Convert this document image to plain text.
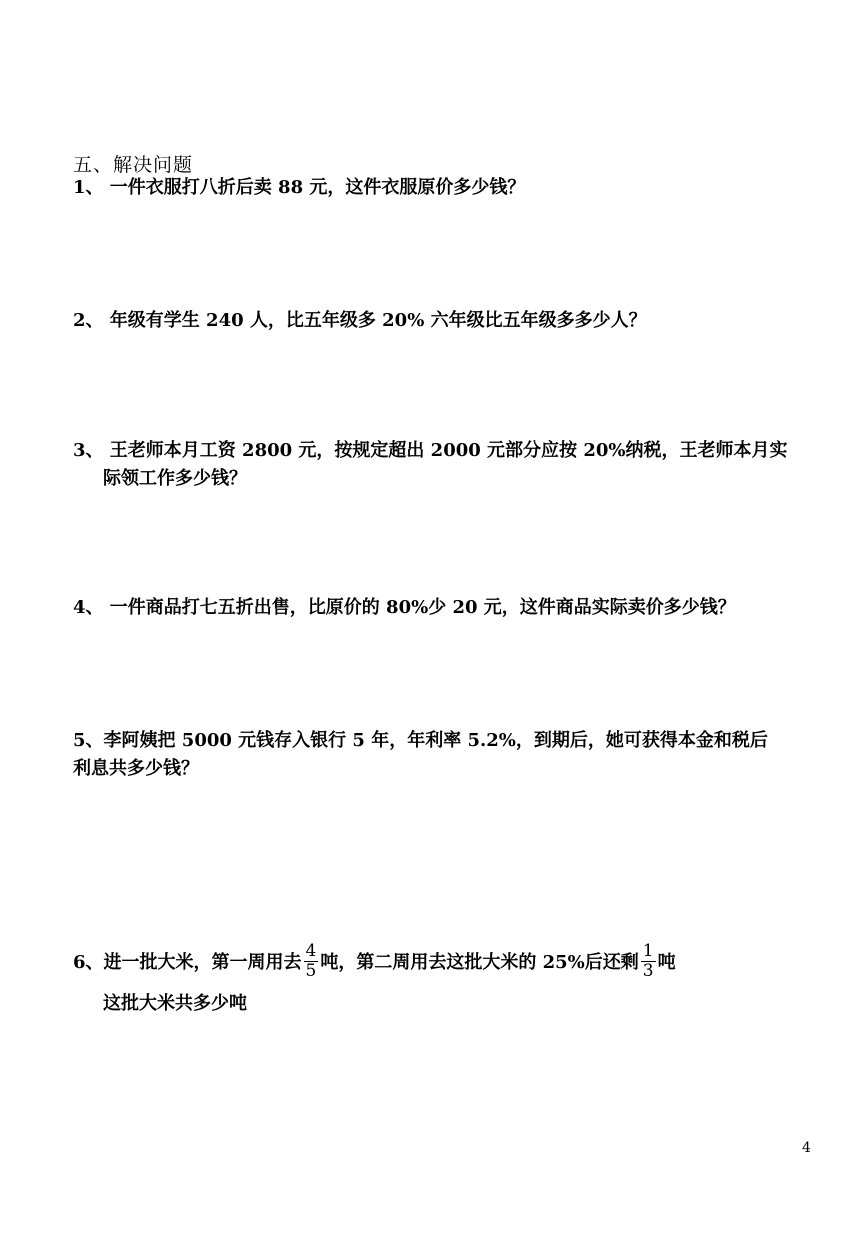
五、解决问题
1、 一件衣服打八折后卖 88 元，这件衣服原价多少钱？
2、 年级有学生 240 人，比五年级多 20% 六年级比五年级多多少人？
3、 王老师本月工资 2800 元，按规定超出 2000 元部分应按 20%纳税，王老师本月实
际领工作多少钱？
4、 一件商品打七五折出售，比原价的 80%少 20 元，这件商品实际卖价多少钱？
5、李阿姨把 5000 元钱存入银行 5 年，年利率 5.2%，到期后，她可获得本金和税后
利息共多少钱？
6、进一批大米，第一周用去 $\frac{4}{5}$ 吨，第二周用去这批大米的 25%后还剩 $\frac{1}{3}$ 吨
这批大米共多少吨
4
